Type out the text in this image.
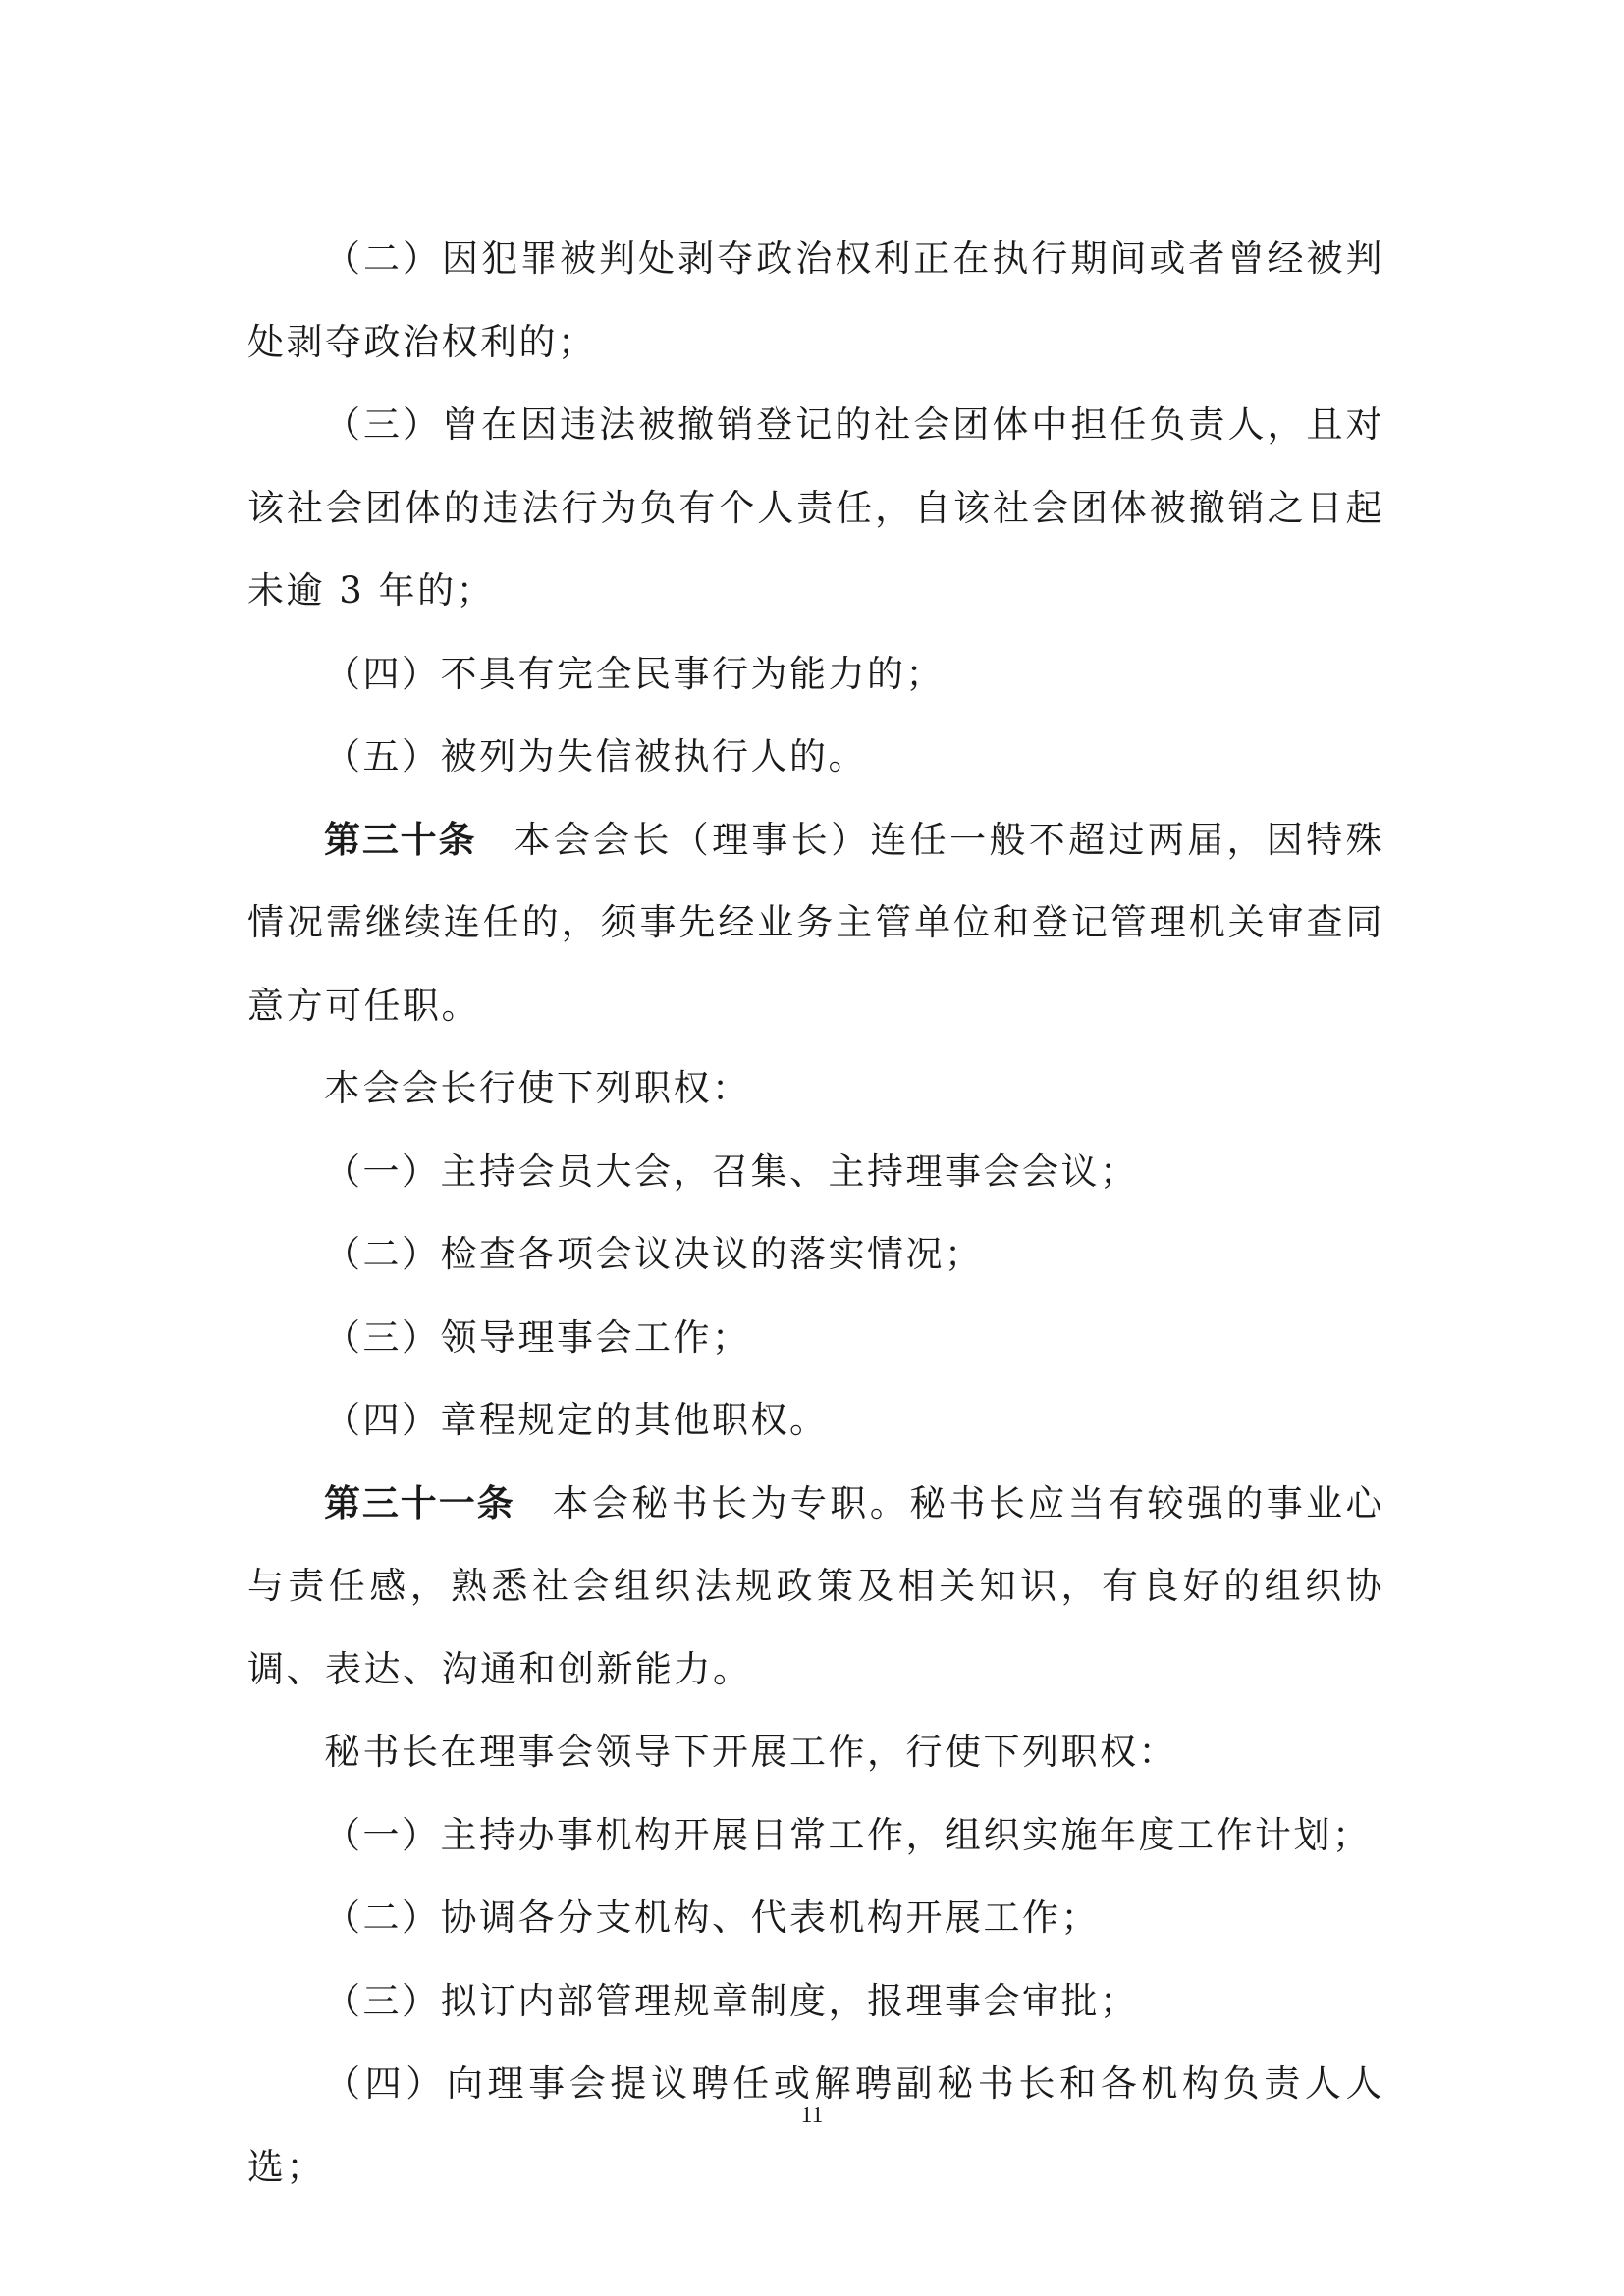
（二）因犯罪被判处剥夺政治权利正在执行期间或者曾经被判处剥夺政治权利的；

（三）曾在因违法被撤销登记的社会团体中担任负责人，且对该社会团体的违法行为负有个人责任，自该社会团体被撤销之日起未逾 3 年的；

（四）不具有完全民事行为能力的；

（五）被列为失信被执行人的。

第三十条 本会会长（理事长）连任一般不超过两届，因特殊情况需继续连任的，须事先经业务主管单位和登记管理机关审查同意方可任职。

本会会长行使下列职权：

（一）主持会员大会，召集、主持理事会会议；

（二）检查各项会议决议的落实情况；

（三）领导理事会工作；

（四）章程规定的其他职权。

第三十一条 本会秘书长为专职。秘书长应当有较强的事业心与责任感，熟悉社会组织法规政策及相关知识，有良好的组织协调、表达、沟通和创新能力。

秘书长在理事会领导下开展工作，行使下列职权：

（一）主持办事机构开展日常工作，组织实施年度工作计划；

（二）协调各分支机构、代表机构开展工作；

（三）拟订内部管理规章制度，报理事会审批；

（四）向理事会提议聘任或解聘副秘书长和各机构负责人人选；

11
